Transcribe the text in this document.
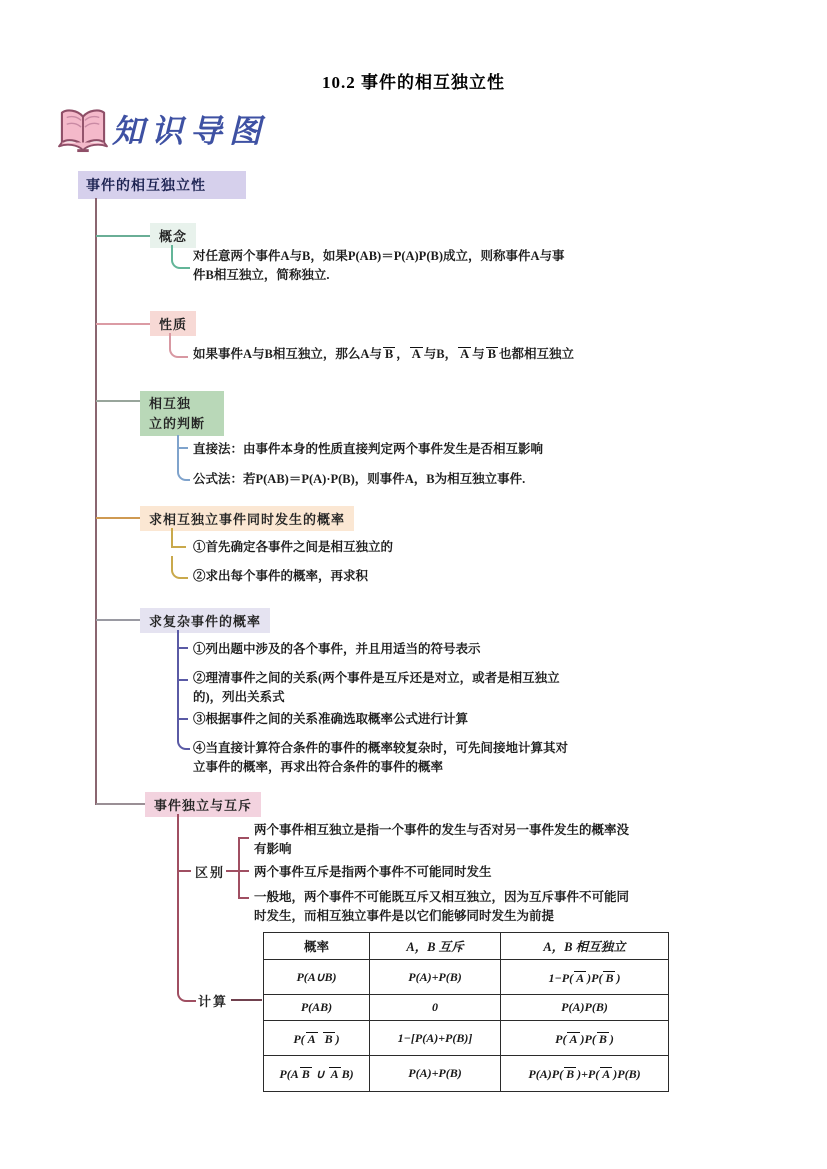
10.2 事件的相互独立性
知识导图
事件的相互独立性
概念
对任意两个事件A与B，如果P(AB)＝P(A)P(B)成立，则称事件A与事件B相互独立，简称独立.
性质
如果事件A与B相互独立，那么A与 B ， A 与B， A 与 B 也都相互独立
相互独
立的判断
直接法：由事件本身的性质直接判定两个事件发生是否相互影响
公式法：若P(AB)＝P(A)·P(B)，则事件A，B为相互独立事件.
求相互独立事件同时发生的概率
①首先确定各事件之间是相互独立的
②求出每个事件的概率，再求积
求复杂事件的概率
①列出题中涉及的各个事件，并且用适当的符号表示
②理清事件之间的关系(两个事件是互斥还是对立，或者是相互独立的)，列出关系式
③根据事件之间的关系准确选取概率公式进行计算
④当直接计算符合条件的事件的概率较复杂时，可先间接地计算其对立事件的概率，再求出符合条件的事件的概率
事件独立与互斥
区别
两个事件相互独立是指一个事件的发生与否对另一事件发生的概率没有影响
两个事件互斥是指两个事件不可能同时发生
一般地，两个事件不可能既互斥又相互独立，因为互斥事件不可能同时发生，而相互独立事件是以它们能够同时发生为前提
计算
概率	A，B 互斥	A，B 相互独立
P(A∪B)	P(A)+P(B)	1−P( A )P( B )
P(AB)	0	P(A)P(B)
P( A B )	1−[P(A)+P(B)]	P( A )P( B )
P(A B ∪ A B)	P(A)+P(B)	P(A)P( B )+P( A )P(B)
